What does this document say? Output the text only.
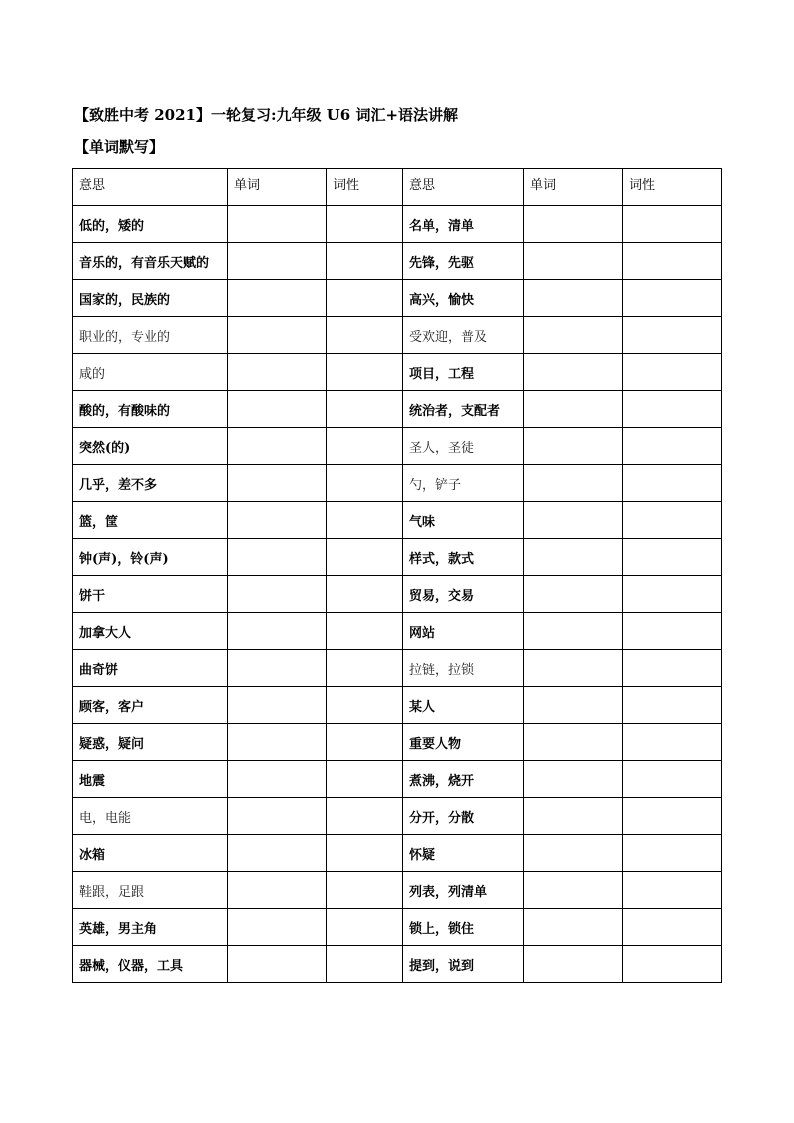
【致胜中考 2021】一轮复习:九年级 U6 词汇+语法讲解
【单词默写】
意思	单词	词性	意思	单词	词性
低的，矮的			名单，清单		
音乐的，有音乐天赋的			先锋，先驱		
国家的，民族的			高兴，愉快		
职业的，专业的			受欢迎，普及		
咸的			项目，工程		
酸的，有酸味的			统治者，支配者		
突然(的)			圣人，圣徒		
几乎，差不多			勺，铲子		
篮，筐			气味		
钟(声)，铃(声)			样式，款式		
饼干			贸易，交易		
加拿大人			网站		
曲奇饼			拉链，拉锁		
顾客，客户			某人		
疑惑，疑问			重要人物		
地震			煮沸，烧开		
电，电能			分开，分散		
冰箱			怀疑		
鞋跟，足跟			列表，列清单		
英雄，男主角			锁上，锁住		
器械，仪器，工具			提到，说到		
